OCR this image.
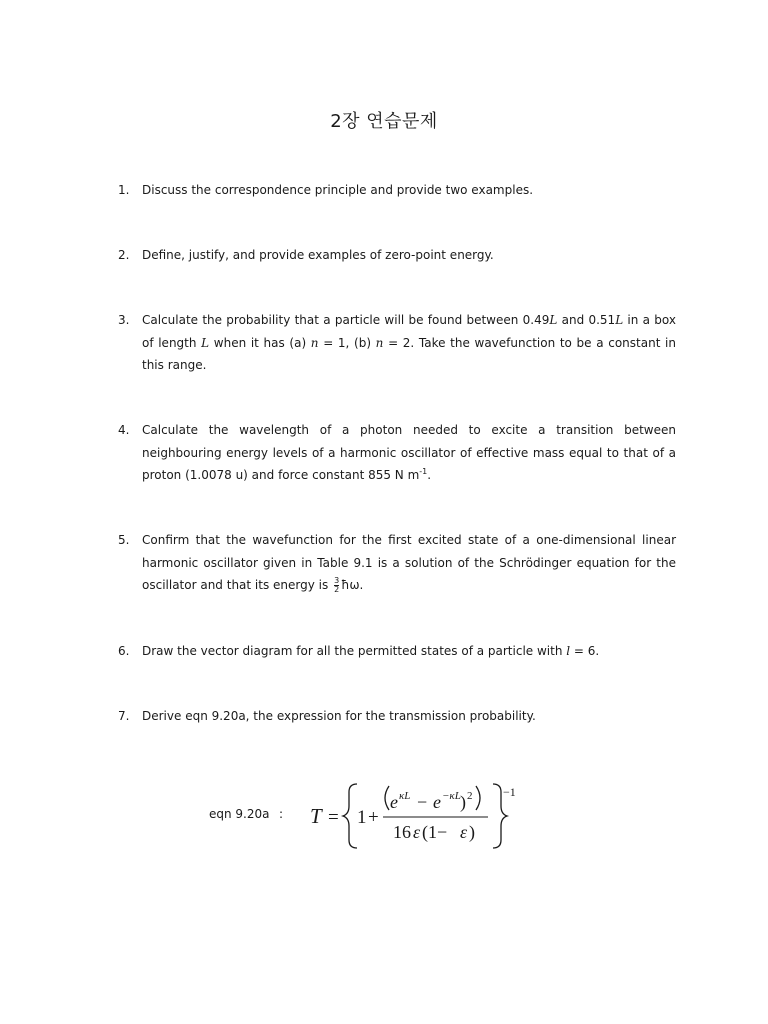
2장 연습문제
1.	Discuss the correspondence principle and provide two examples.
2.	Define, justify, and provide examples of zero-point energy.
3.	Calculate the probability that a particle will be found between 0.49L and 0.51L in a box of length L when it has (a) n = 1, (b) n = 2. Take the wavefunction to be a constant in this range.
4.	Calculate the wavelength of a photon needed to excite a transition between neighbouring energy levels of a harmonic oscillator of effective mass equal to that of a proton (1.0078 u) and force constant 855 N $m^{-1}$.
5.	Confirm that the wavefunction for the first excited state of a one-dimensional linear harmonic oscillator given in Table 9.1 is a solution of the Schrödinger equation for the oscillator and that its energy is $\frac{3}{2}$ ħω.
6.	Draw the vector diagram for all the permitted states of a particle with l = 6.
7.	Derive eqn 9.20a, the expression for the transmission probability.
eqn 9.20a : T = 1 +
e κL − e −κL ) 2
16 ε (1− ε )
−1
